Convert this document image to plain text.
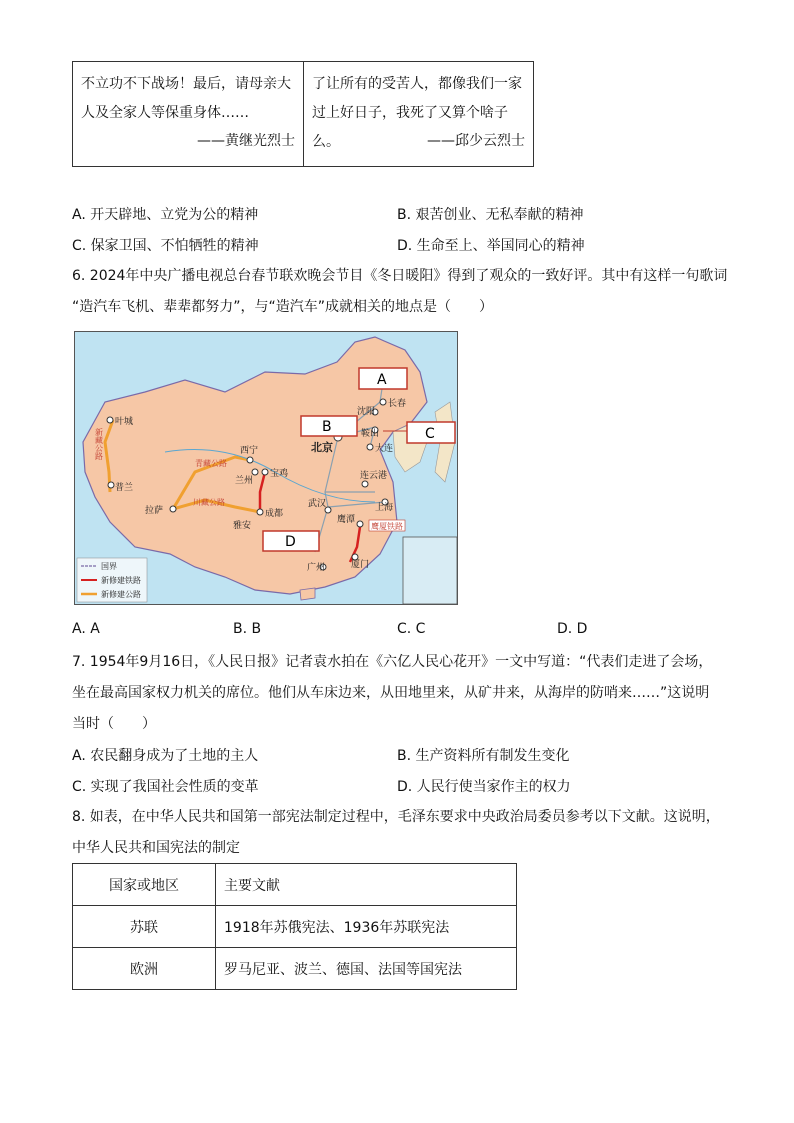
不立功不下战场！最后，请母亲大人及全家人等保重身体……
——黄继光烈士
了让所有的受苦人，都像我们一家过上好日子，我死了又算个啥子么。	——邱少云烈士
A. 开天辟地、立党为公的精神	B. 艰苦创业、无私奉献的精神
C. 保家卫国、不怕牺牲的精神	D. 生命至上、举国同心的精神
6. 2024年中央广播电视总台春节联欢晚会节目《冬日暖阳》得到了观众的一致好评。其中有这样一句歌词
“造汽车飞机、辈辈都努力”，与“造汽车”成就相关的地点是（　　）
叶城
普兰
拉萨
西宁
兰州
宝鸡
成都
雅安
北京
沈阳
长春
鞍山
大连
连云港
上海
武汉
鹰潭
厦门
广州
新藏公路
青藏公路
川藏公路
鹰厦铁路
A
B	C
D
国界
新修建铁路
新修建公路
A. A	B. B	C. C	D. D
7. 1954年9月16日，《人民日报》记者袁水拍在《六亿人民心花开》一文中写道：“代表们走进了会场，
坐在最高国家权力机关的席位。他们从车床边来，从田地里来，从矿井来，从海岸的防哨来……”这说明
当时（　　）
A. 农民翻身成为了土地的主人	B. 生产资料所有制发生变化
C. 实现了我国社会性质的变革	D. 人民行使当家作主的权力
8. 如表，在中华人民共和国第一部宪法制定过程中，毛泽东要求中央政治局委员参考以下文献。这说明，
中华人民共和国宪法的制定
国家或地区	主要文献
苏联	1918年苏俄宪法、1936年苏联宪法
欧洲	罗马尼亚、波兰、德国、法国等国宪法
